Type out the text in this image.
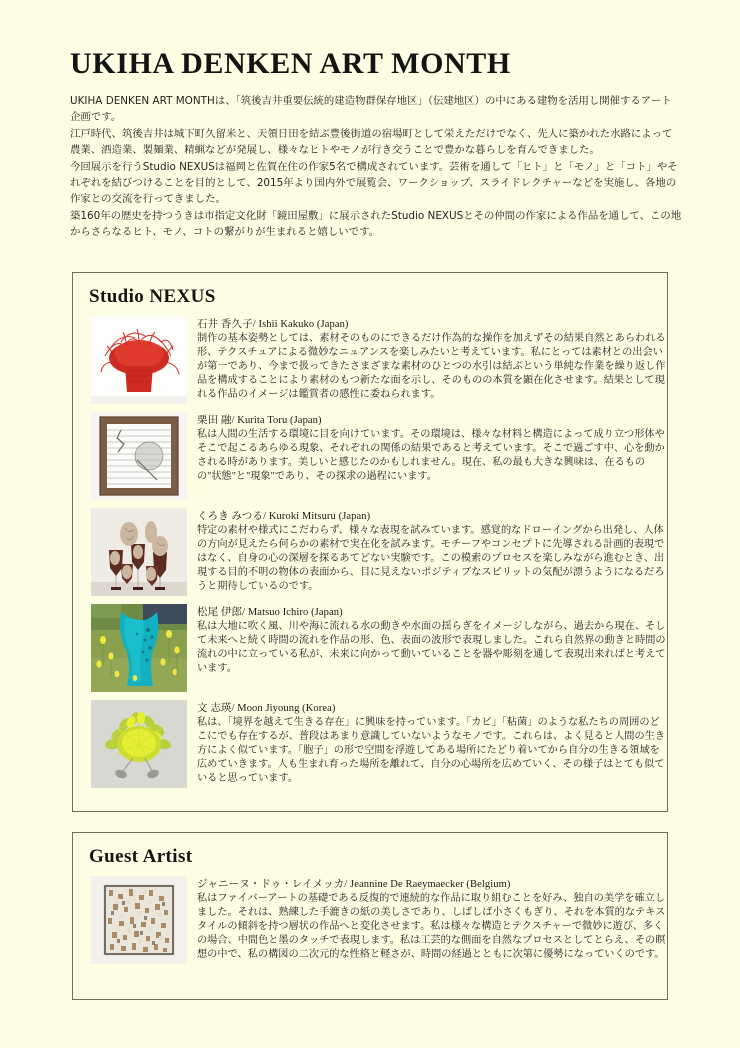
UKIHA DENKEN ART MONTH

UKIHA DENKEN ART MONTHは、「筑後吉井重要伝統的建造物群保存地区」（伝建地区）の中にある建物を活用し開催するアート企画です。

江戸時代、筑後吉井は城下町久留米と、天領日田を結ぶ豊後街道の宿場町として栄えただけでなく、先人に築かれた水路によって農業、酒造業、製麺業、精蝋などが発展し、様々なヒトやモノが行き交うことで豊かな暮らしを育んできました。

今回展示を行うStudio NEXUSは福岡と佐賀在住の作家5名で構成されています。芸術を通して「ヒト」と「モノ」と「コト」やそれぞれを結びつけることを目的として、2015年より国内外で展覧会、ワークショップ、スライドレクチャーなどを実施し、各地の作家との交流を行ってきました。

築160年の歴史を持つうきは市指定文化財「鏡田屋敷」に展示されたStudio NEXUSとその仲間の作家による作品を通して、この地からさらなるヒト、モノ、コトの繋がりが生まれると嬉しいです。

Studio NEXUS

石井 香久子/ Ishii Kakuko (Japan)

制作の基本姿勢としては、素材そのものにできるだけ作為的な操作を加えずその結果自然とあらわれる形、テクスチュアによる微妙なニュアンスを楽しみたいと考えています。私にとっては素材との出会いが第一であり、今まで扱ってきたさまざまな素材のひとつの水引は結ぶという単純な作業を繰り返し作品を構成することにより素材のもつ新たな面を示し、そのものの本質を顕在化させます。結果として現れる作品のイメージは鑑賞者の感性に委ねられます。

栗田 融/ Kurita Toru (Japan)

私は人間の生活する環境に目を向けています。その環境は、様々な材料と構造によって成り立つ形体やそこで起こるあらゆる現象、それぞれの関係の結果であると考えています。そこで過ごす中、心を動かされる時があります。美しいと感じたのかもしれません。現在、私の最も大きな興味は、在るものの"状態"と"現象"であり、その探求の過程にいます。

くろき みつる/ Kuroki Mitsuru (Japan)

特定の素材や様式にこだわらず、様々な表現を試みています。感覚的なドローイングから出発し、人体の方向が見えたら何らかの素材で実在化を試みます。モチーフやコンセプトに先導される計画的表現ではなく、自身の心の深層を探るあてどない実験です。この模索のプロセスを楽しみながら進むとき、出現する目的不明の物体の表面から、目に見えないポジティブなスピリットの気配が漂うようになるだろうと期待しているのです。

松尾 伊郎/ Matsuo Ichiro (Japan)

私は大地に吹く風、川や海に流れる水の動きや水面の揺らぎをイメージしながら、過去から現在、そして未来へと続く時間の流れを作品の形、色、表面の波形で表現しました。これら自然界の動きと時間の流れの中に立っている私が、未来に向かって動いていることを器や彫刻を通して表現出来ればと考えています。

文 志瑛/ Moon Jiyoung (Korea)

私は、「境界を越えて生きる存在」に興味を持っています。「カビ」「粘菌」のような私たちの周囲のどこにでも存在するが、普段はあまり意識していないようなモノです。これらは、よく見ると人間の生き方によく似ています。「胞子」の形で空間を浮遊してある場所にたどり着いてから自分の生きる領域を広めていきます。人も生まれ育った場所を離れて、自分の心場所を広めていく、その様子はとても似ていると思っています。

Guest Artist

ジャニーヌ・ドゥ・レイメッカ/ Jeannine De Raeymaecker (Belgium)

私はファイバーアートの基礎である反復的で連続的な作品に取り組むことを好み、独自の美学を確立しました。それは、熟練した手漉きの紙の美しさであり、しばしば小さくもぎり、それを本質的なテキスタイルの傾斜を持つ層状の作品へと変化させます。私は様々な構造とテクスチャーで微妙に遊び、多くの場合、中間色と墨のタッチで表現します。私は工芸的な側面を自然なプロセスとしてとらえ、その瞑想の中で、私の構図の二次元的な性格と軽さが、時間の経過とともに次第に優勢になっていくのです。
